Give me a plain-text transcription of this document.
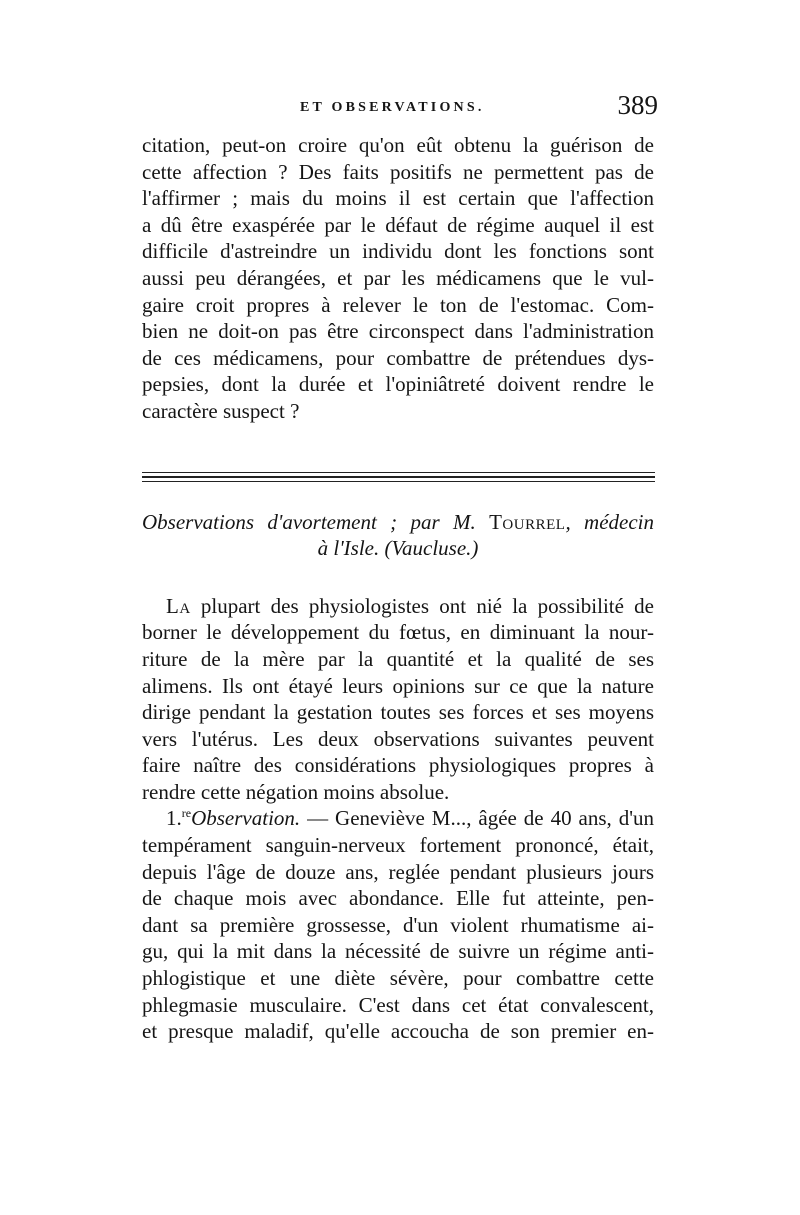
ET OBSERVATIONS.	389
citation, peut-on croire qu'on eût obtenu la guérison de
cette affection ? Des faits positifs ne permettent pas de
l'affirmer ; mais du moins il est certain que l'affection
a dû être exaspérée par le défaut de régime auquel il est
difficile d'astreindre un individu dont les fonctions sont
aussi peu dérangées, et par les médicamens que le vul-
gaire croit propres à relever le ton de l'estomac. Com-
bien ne doit-on pas être circonspect dans l'administration
de ces médicamens, pour combattre de prétendues dys-
pepsies, dont la durée et l'opiniâtreté doivent rendre le
caractère suspect ?
Observations d'avortement ; par M. Tourrel, médecin
à l'Isle. (Vaucluse.)
La plupart des physiologistes ont nié la possibilité de
borner le développement du fœtus, en diminuant la nour-
riture de la mère par la quantité et la qualité de ses
alimens. Ils ont étayé leurs opinions sur ce que la nature
dirige pendant la gestation toutes ses forces et ses moyens
vers l'utérus. Les deux observations suivantes peuvent
faire naître des considérations physiologiques propres à
rendre cette négation moins absolue.
1.$^{re}$Observation. — Geneviève M..., âgée de 40 ans, d'un
tempérament sanguin-nerveux fortement prononcé, était,
depuis l'âge de douze ans, reglée pendant plusieurs jours
de chaque mois avec abondance. Elle fut atteinte, pen-
dant sa première grossesse, d'un violent rhumatisme ai-
gu, qui la mit dans la nécessité de suivre un régime anti-
phlogistique et une diète sévère, pour combattre cette
phlegmasie musculaire. C'est dans cet état convalescent,
et presque maladif, qu'elle accoucha de son premier en-
